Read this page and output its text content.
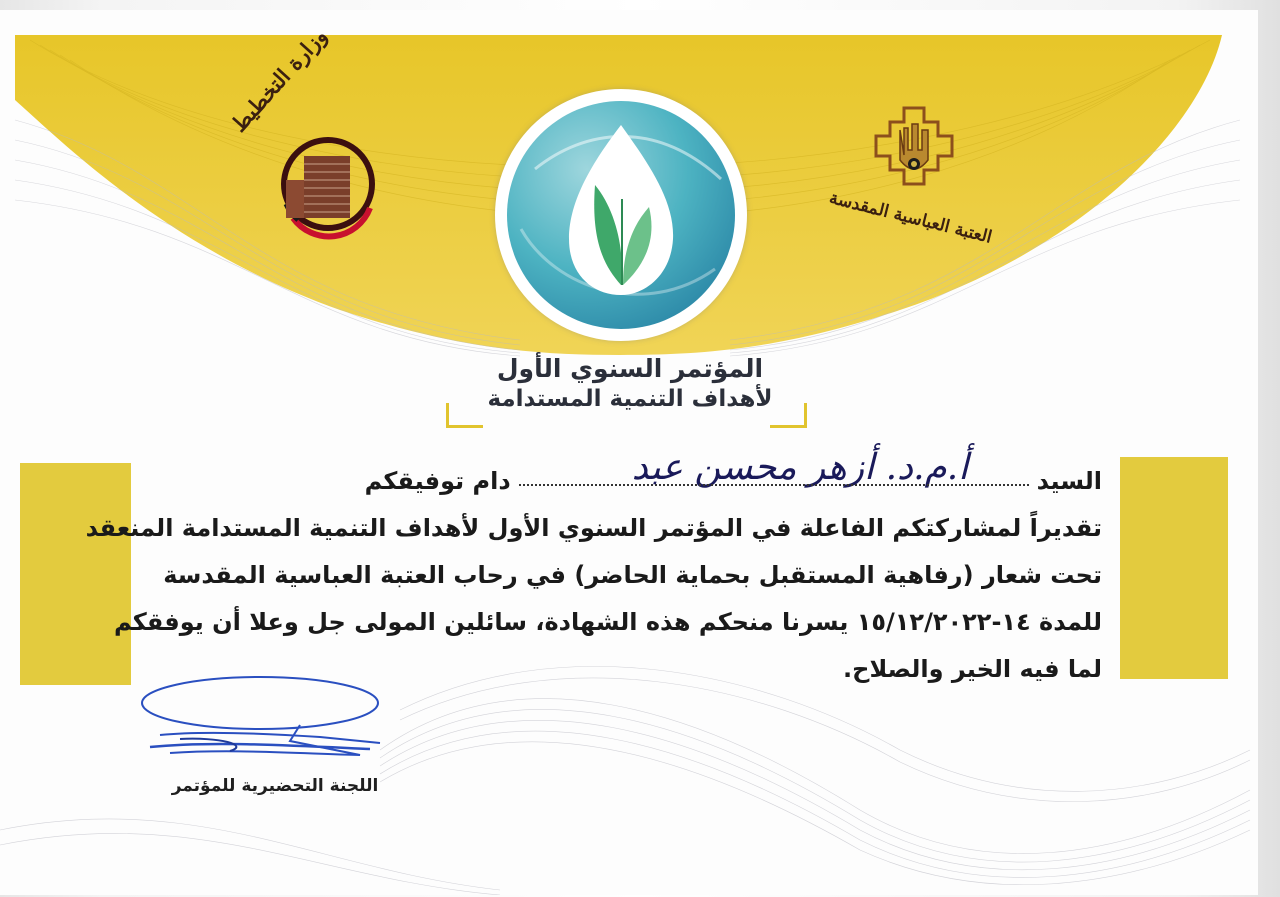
وزارة التخطيط
العتبة العباسية المقدسة
المؤتمر السنوي الأول
لأهداف التنمية المستدامة
أ.م.د. أزهر محسن عبد	السيددام توفيقكم
تقديراً لمشاركتكم الفاعلة في المؤتمر السنوي الأول لأهداف التنمية المستدامة المنعقد
تحت شعار (رفاهية المستقبل بحماية الحاضر) في رحاب العتبة العباسية المقدسة
للمدة ١٤-١٥/١٢/٢٠٢٢ يسرنا منحكم هذه الشهادة، سائلين المولى جل وعلا أن يوفقكم
لما فيه الخير والصلاح.
اللجنة التحضيرية للمؤتمر
